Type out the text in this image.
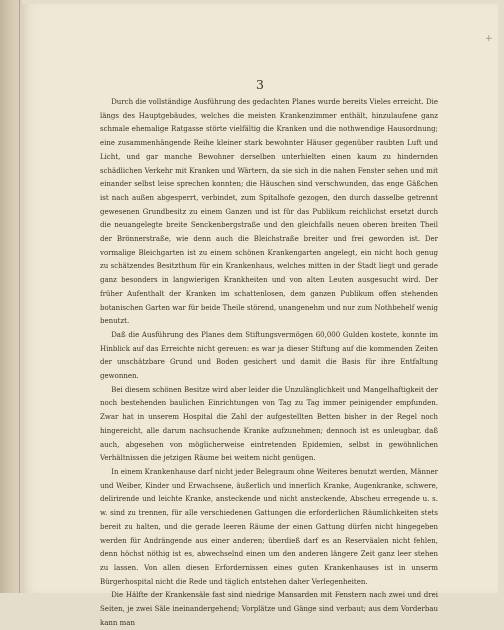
+
3

Durch die vollständige Ausführung des gedachten Planes wurde bereits Vieles erreicht. Die längs des Hauptgebäudes, welches die meisten Krankenzimmer enthält, hinzulaufene ganz schmale ehemalige Ratgasse störte vielfältig die Kranken und die nothwendige Hausordnung; eine zusammenhängende Reihe kleiner stark bewohnter Häuser gegenüber raubten Luft und Licht, und gar manche Bewohner derselben unterhielten einen kaum zu hindernden schädlichen Verkehr mit Kranken und Wärtern, da sie sich in die nahen Fenster sehen und mit einander selbst leise sprechen konnten; die Häuschen sind verschwunden, das enge Gäßchen ist nach außen abgesperrt, verbindet, zum Spitalhofe gezogen, den durch dasselbe getrennt gewesenen Grundbesitz zu einem Ganzen und ist für das Publikum reichlichst ersetzt durch die neuangelegte breite Senckenbergstraße und den gleichfalls neuen oberen breiten Theil der Brönnerstraße, wie denn auch die Bleichstraße breiter und frei geworden ist. Der vormalige Bleichgarten ist zu einem schönen Krankengarten angelegt, ein nicht hoch genug zu schätzendes Besitzthum für ein Krankenhaus, welches mitten in der Stadt liegt und gerade ganz besonders in langwierigen Krankheiten und von alten Leuten ausgesucht wird. Der früher Aufenthalt der Kranken im schattenlosen, dem ganzen Publikum offen stehenden botanischen Garten war für beide Theile störend, unangenehm und nur zum Nothbehelf wenig benutzt.

Daß die Ausführung des Planes dem Stiftungsvermögen 60,000 Gulden kostete, konnte im Hinblick auf das Erreichte nicht gereuen: es war ja dieser Stiftung auf die kommenden Zeiten der unschätzbare Grund und Boden gesichert und damit die Basis für ihre Entfaltung gewonnen.

Bei diesem schönen Besitze wird aber leider die Unzulänglichkeit und Mangelhaftigkeit der noch bestehenden baulichen Einrichtungen von Tag zu Tag immer peinigender empfunden. Zwar hat in unserem Hospital die Zahl der aufgestellten Betten bisher in der Regel noch hingereicht, alle darum nachsuchende Kranke aufzunehmen; dennoch ist es unleugbar, daß auch, abgesehen von möglicherweise eintretenden Epidemien, selbst in gewöhnlichen Verhältnissen die jetzigen Räume bei weitem nicht genügen.

In einem Krankenhause darf nicht jeder Belegraum ohne Weiteres benutzt werden, Männer und Weiber, Kinder und Erwachsene, äußerlich und innerlich Kranke, Augenkranke, schwere, delirirende und leichte Kranke, ansteckende und nicht ansteckende, Abscheu erregende u. s. w. sind zu trennen, für alle verschiedenen Gattungen die erforderlichen Räumlichkeiten stets bereit zu halten, und die gerade leeren Räume der einen Gattung dürfen nicht hingegeben werden für Andrängende aus einer anderen; überdieß darf es an Reserväalen nicht fehlen, denn höchst nöthig ist es, abwechselnd einen um den anderen längere Zeit ganz leer stehen zu lassen. Von allen diesen Erfordernissen eines guten Krankenhauses ist in unserm Bürgerhospital nicht die Rede und täglich entstehen daher Verlegenheiten.

Die Hälfte der Krankensäle fast sind niedrige Mansarden mit Fenstern nach zwei und drei Seiten, je zwei Säle ineinandergehend; Vorplätze und Gänge sind verbaut; aus dem Vorderbau kann man
